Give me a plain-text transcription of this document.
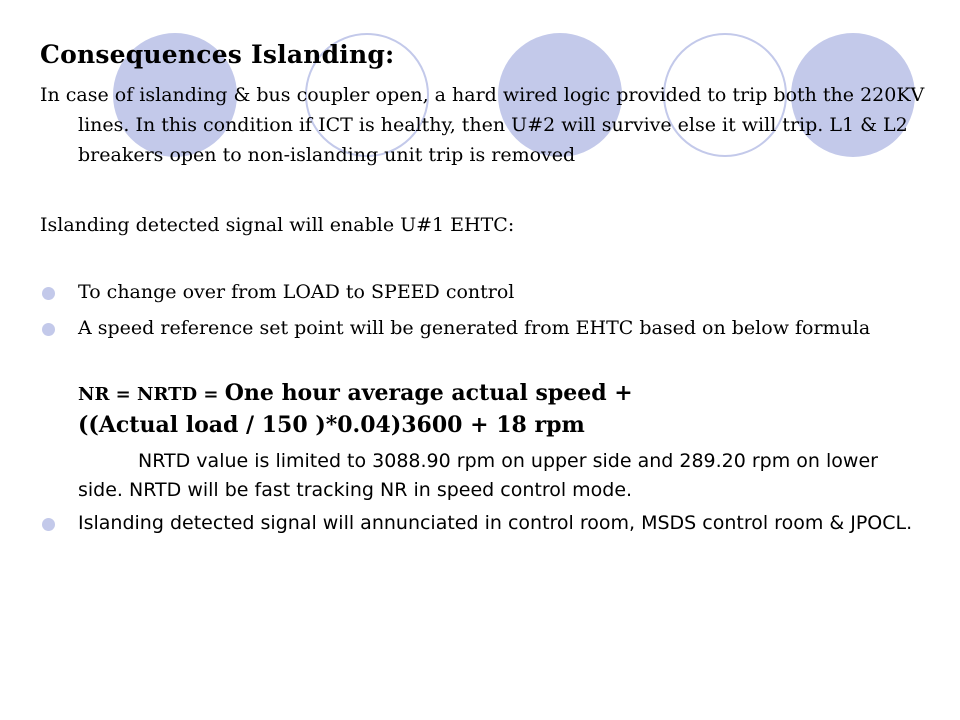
Consequences Islanding:
In case of islanding & bus coupler open, a hard wired logic provided to trip both the 220KV lines. In this condition if ICT is healthy, then U#2 will survive else it will trip. L1 & L2 breakers open to non-islanding unit trip is removed
Islanding detected signal will enable U#1 EHTC:
To change over from LOAD to SPEED control
A speed reference set point will be generated from EHTC based on below formula
NR = NRTD = One hour average actual speed +
((Actual load / 150 )*0.04)3600 + 18 rpm
NRTD value is limited to 3088.90 rpm on upper side and 289.20 rpm on lower side. NRTD will be fast tracking NR in speed control mode.
Islanding detected signal will annunciated in control room, MSDS control room & JPOCL.
